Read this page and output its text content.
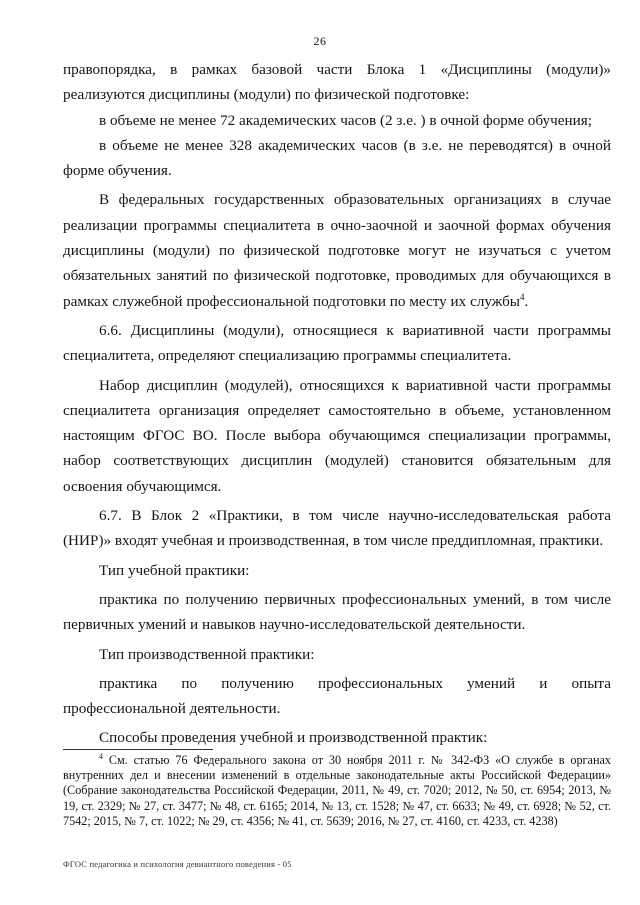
26

правопорядка, в рамках базовой части Блока 1 «Дисциплины (модули)» реализуются дисциплины (модули) по физической подготовке:

в объеме не менее 72 академических часов (2 з.е. ) в очной форме обучения;

в объеме не менее 328 академических часов (в з.е. не переводятся) в очной форме обучения.

В федеральных государственных образовательных организациях в случае реализации программы специалитета в очно-заочной и заочной формах обучения дисциплины (модули) по физической подготовке могут не изучаться с учетом обязательных занятий по физической подготовке, проводимых для обучающихся в рамках служебной профессиональной подготовки по месту их службы$^4$.

6.6. Дисциплины (модули), относящиеся к вариативной части программы специалитета, определяют специализацию программы специалитета.

Набор дисциплин (модулей), относящихся к вариативной части программы специалитета организация определяет самостоятельно в объеме, установленном настоящим ФГОС ВО. После выбора обучающимся специализации программы, набор соответствующих дисциплин (модулей) становится обязательным для освоения обучающимся.

6.7. В Блок 2 «Практики, в том числе научно-исследовательская работа (НИР)» входят учебная и производственная, в том числе преддипломная, практики.

Тип учебной практики:

практика по получению первичных профессиональных умений, в том числе первичных умений и навыков научно-исследовательской деятельности.

Тип производственной практики:

практика по получению профессиональных умений и опыта профессиональной деятельности.

Способы проведения учебной и производственной практик:

$^4$ См. статью 76 Федерального закона от 30 ноября 2011 г. № 342-ФЗ «О службе в органах внутренних дел и внесении изменений в отдельные законодательные акты Российской Федерации» (Собрание законодательства Российской Федерации, 2011, № 49, ст. 7020; 2012, № 50, ст. 6954; 2013, № 19, ст. 2329; № 27, ст. 3477; № 48, ст. 6165; 2014, № 13, ст. 1528; № 47, ст. 6633; № 49, ст. 6928; № 52, ст. 7542; 2015, № 7, ст. 1022; № 29, ст. 4356; № 41, ст. 5639; 2016, № 27, ст. 4160, ст. 4233, ст. 4238)

ФГОС педагогика и психология девиантного поведения - 05
